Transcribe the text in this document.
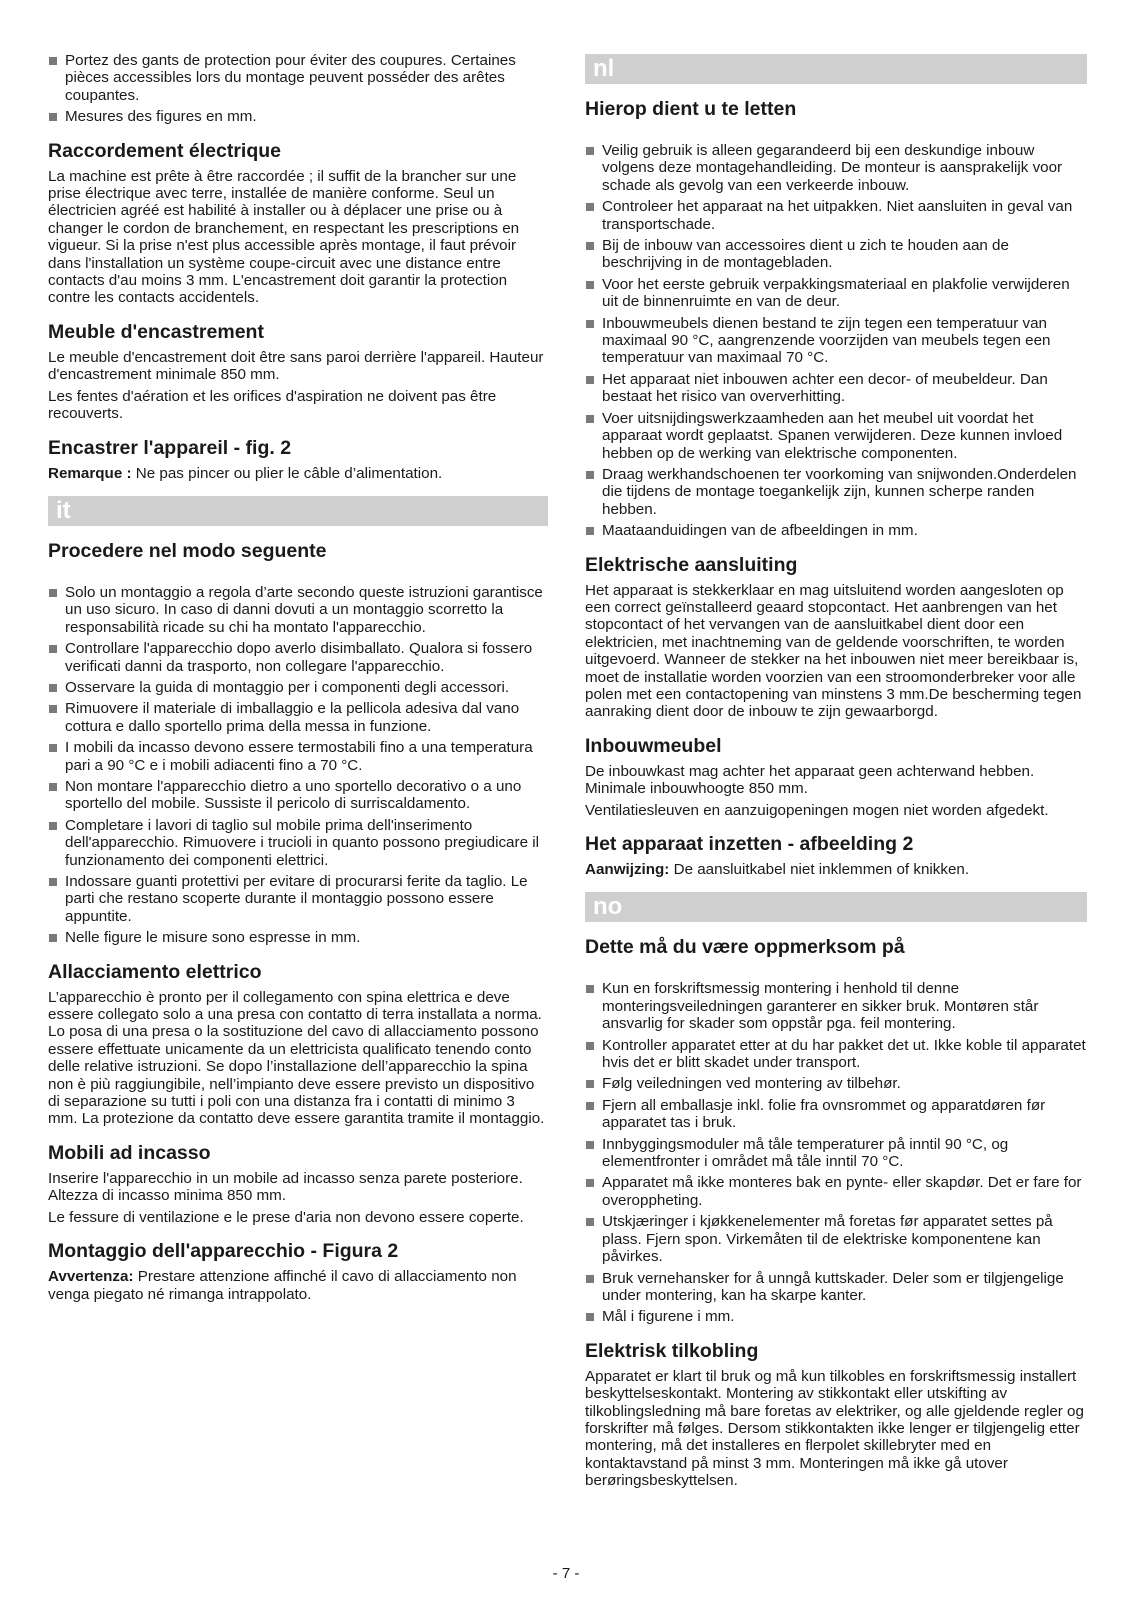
Portez des gants de protection pour éviter des coupures. Certaines pièces accessibles lors du montage peuvent posséder des arêtes coupantes.
Mesures des figures en mm.
Raccordement électrique

La machine est prête à être raccordée ; il suffit de la brancher sur une prise électrique avec terre, installée de manière conforme. Seul un électricien agréé est habilité à installer ou à déplacer une prise ou à changer le cordon de branchement, en respectant les prescriptions en vigueur. Si la prise n'est plus accessible après montage, il faut prévoir dans l'installation un système coupe-circuit avec une distance entre contacts d'au moins 3 mm. L'encastrement doit garantir la protection contre les contacts accidentels.

Meuble d'encastrement

Le meuble d'encastrement doit être sans paroi derrière l'appareil. Hauteur d'encastrement minimale 850 mm.

Les fentes d'aération et les orifices d'aspiration ne doivent pas être recouverts.

Encastrer l'appareil - fig. 2

Remarque : Ne pas pincer ou plier le câble d’alimentation.

it
Procedere nel modo seguente
Solo un montaggio a regola d’arte secondo queste istruzioni garantisce un uso sicuro. In caso di danni dovuti a un montaggio scorretto la responsabilità ricade su chi ha montato l'apparecchio.
Controllare l'apparecchio dopo averlo disimballato. Qualora si fossero verificati danni da trasporto, non collegare l'apparecchio.
Osservare la guida di montaggio per i componenti degli accessori.
Rimuovere il materiale di imballaggio e la pellicola adesiva dal vano cottura e dallo sportello prima della messa in funzione.
I mobili da incasso devono essere termostabili fino a una temperatura pari a 90 °C e i mobili adiacenti fino a 70 °C.
Non montare l'apparecchio dietro a uno sportello decorativo o a uno sportello del mobile. Sussiste il pericolo di surriscaldamento.
Completare i lavori di taglio sul mobile prima dell'inserimento dell'apparecchio. Rimuovere i trucioli in quanto possono pregiudicare il funzionamento dei componenti elettrici.
Indossare guanti protettivi per evitare di procurarsi ferite da taglio. Le parti che restano scoperte durante il montaggio possono essere appuntite.
Nelle figure le misure sono espresse in mm.
Allacciamento elettrico

L’apparecchio è pronto per il collegamento con spina elettrica e deve essere collegato solo a una presa con contatto di terra installata a norma. Lo posa di una presa o la sostituzione del cavo di allacciamento possono essere effettuate unicamente da un elettricista qualificato tenendo conto delle relative istruzioni. Se dopo l’installazione dell’apparecchio la spina non è più raggiungibile, nell’impianto deve essere previsto un dispositivo di separazione su tutti i poli con una distanza fra i contatti di minimo 3 mm. La protezione da contatto deve essere garantita tramite il montaggio.

Mobili ad incasso

Inserire l'apparecchio in un mobile ad incasso senza parete posteriore. Altezza di incasso minima 850 mm.

Le fessure di ventilazione e le prese d'aria non devono essere coperte.

Montaggio dell'apparecchio - Figura 2

Avvertenza: Prestare attenzione affinché il cavo di allacciamento non venga piegato né rimanga intrappolato.

nl
Hierop dient u te letten
Veilig gebruik is alleen gegarandeerd bij een deskundige inbouw volgens deze montagehandleiding. De monteur is aansprakelijk voor schade als gevolg van een verkeerde inbouw.
Controleer het apparaat na het uitpakken. Niet aansluiten in geval van transportschade.
Bij de inbouw van accessoires dient u zich te houden aan de beschrijving in de montagebladen.
Voor het eerste gebruik verpakkingsmateriaal en plakfolie verwijderen uit de binnenruimte en van de deur.
Inbouwmeubels dienen bestand te zijn tegen een temperatuur van maximaal 90 °C, aangrenzende voorzijden van meubels tegen een temperatuur van maximaal 70 °C.
Het apparaat niet inbouwen achter een decor- of meubeldeur. Dan bestaat het risico van oververhitting.
Voer uitsnijdingswerkzaamheden aan het meubel uit voordat het apparaat wordt geplaatst. Spanen verwijderen. Deze kunnen invloed hebben op de werking van elektrische componenten.
Draag werkhandschoenen ter voorkoming van snijwonden.Onderdelen die tijdens de montage toegankelijk zijn, kunnen scherpe randen hebben.
Maataanduidingen van de afbeeldingen in mm.
Elektrische aansluiting

Het apparaat is stekkerklaar en mag uitsluitend worden aangesloten op een correct geïnstalleerd geaard stopcontact. Het aanbrengen van het stopcontact of het vervangen van de aansluitkabel dient door een elektricien, met inachtneming van de geldende voorschriften, te worden uitgevoerd. Wanneer de stekker na het inbouwen niet meer bereikbaar is, moet de installatie worden voorzien van een stroomonderbreker voor alle polen met een contactopening van minstens 3 mm.De bescherming tegen aanraking dient door de inbouw te zijn gewaarborgd.

Inbouwmeubel

De inbouwkast mag achter het apparaat geen achterwand hebben. Minimale inbouwhoogte 850 mm.

Ventilatiesleuven en aanzuigopeningen mogen niet worden afgedekt.

Het apparaat inzetten - afbeelding 2

Aanwijzing: De aansluitkabel niet inklemmen of knikken.

no
Dette må du være oppmerksom på
Kun en forskriftsmessig montering i henhold til denne monteringsveiledningen garanterer en sikker bruk. Montøren står ansvarlig for skader som oppstår pga. feil montering.
Kontroller apparatet etter at du har pakket det ut. Ikke koble til apparatet hvis det er blitt skadet under transport.
Følg veiledningen ved montering av tilbehør.
Fjern all emballasje inkl. folie fra ovnsrommet og apparatdøren før apparatet tas i bruk.
Innbyggingsmoduler må tåle temperaturer på inntil 90 °C, og elementfronter i området må tåle inntil 70 °C.
Apparatet må ikke monteres bak en pynte- eller skapdør. Det er fare for overoppheting.
Utskjæringer i kjøkkenelementer må foretas før apparatet settes på plass. Fjern spon. Virkemåten til de elektriske komponentene kan påvirkes.
Bruk vernehansker for å unngå kuttskader. Deler som er tilgjengelige under montering, kan ha skarpe kanter.
Mål i figurene i mm.
Elektrisk tilkobling

Apparatet er klart til bruk og må kun tilkobles en forskriftsmessig installert beskyttelseskontakt. Montering av stikkontakt eller utskifting av tilkoblingsledning må bare foretas av elektriker, og alle gjeldende regler og forskrifter må følges. Dersom stikkontakten ikke lenger er tilgjengelig etter montering, må det installeres en flerpolet skillebryter med en kontaktavstand på minst 3 mm. Monteringen må ikke gå utover berøringsbeskyttelsen.

- 7 -
